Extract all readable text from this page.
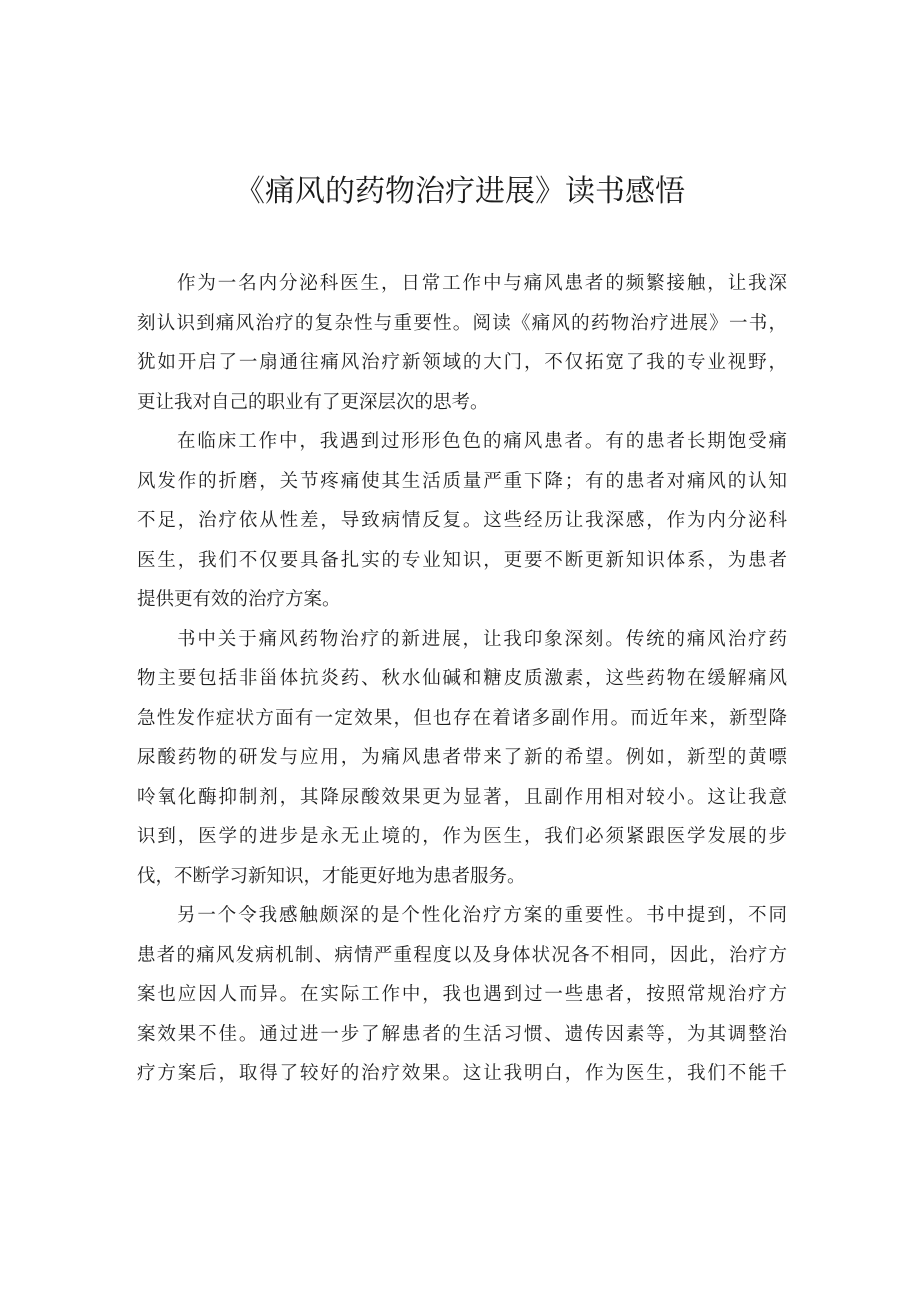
《痛风的药物治疗进展》读书感悟
作为一名内分泌科医生，日常工作中与痛风患者的频繁接触，让我深
刻认识到痛风治疗的复杂性与重要性。阅读《痛风的药物治疗进展》一书，
犹如开启了一扇通往痛风治疗新领域的大门，不仅拓宽了我的专业视野，
更让我对自己的职业有了更深层次的思考。
在临床工作中，我遇到过形形色色的痛风患者。有的患者长期饱受痛
风发作的折磨，关节疼痛使其生活质量严重下降；有的患者对痛风的认知
不足，治疗依从性差，导致病情反复。这些经历让我深感，作为内分泌科
医生，我们不仅要具备扎实的专业知识，更要不断更新知识体系，为患者
提供更有效的治疗方案。
书中关于痛风药物治疗的新进展，让我印象深刻。传统的痛风治疗药
物主要包括非甾体抗炎药、秋水仙碱和糖皮质激素，这些药物在缓解痛风
急性发作症状方面有一定效果，但也存在着诸多副作用。而近年来，新型降
尿酸药物的研发与应用，为痛风患者带来了新的希望。例如，新型的黄嘌
呤氧化酶抑制剂，其降尿酸效果更为显著，且副作用相对较小。这让我意
识到，医学的进步是永无止境的，作为医生，我们必须紧跟医学发展的步
伐，不断学习新知识，才能更好地为患者服务。
另一个令我感触颇深的是个性化治疗方案的重要性。书中提到，不同
患者的痛风发病机制、病情严重程度以及身体状况各不相同，因此，治疗方
案也应因人而异。在实际工作中，我也遇到过一些患者，按照常规治疗方
案效果不佳。通过进一步了解患者的生活习惯、遗传因素等，为其调整治
疗方案后，取得了较好的治疗效果。这让我明白，作为医生，我们不能千
